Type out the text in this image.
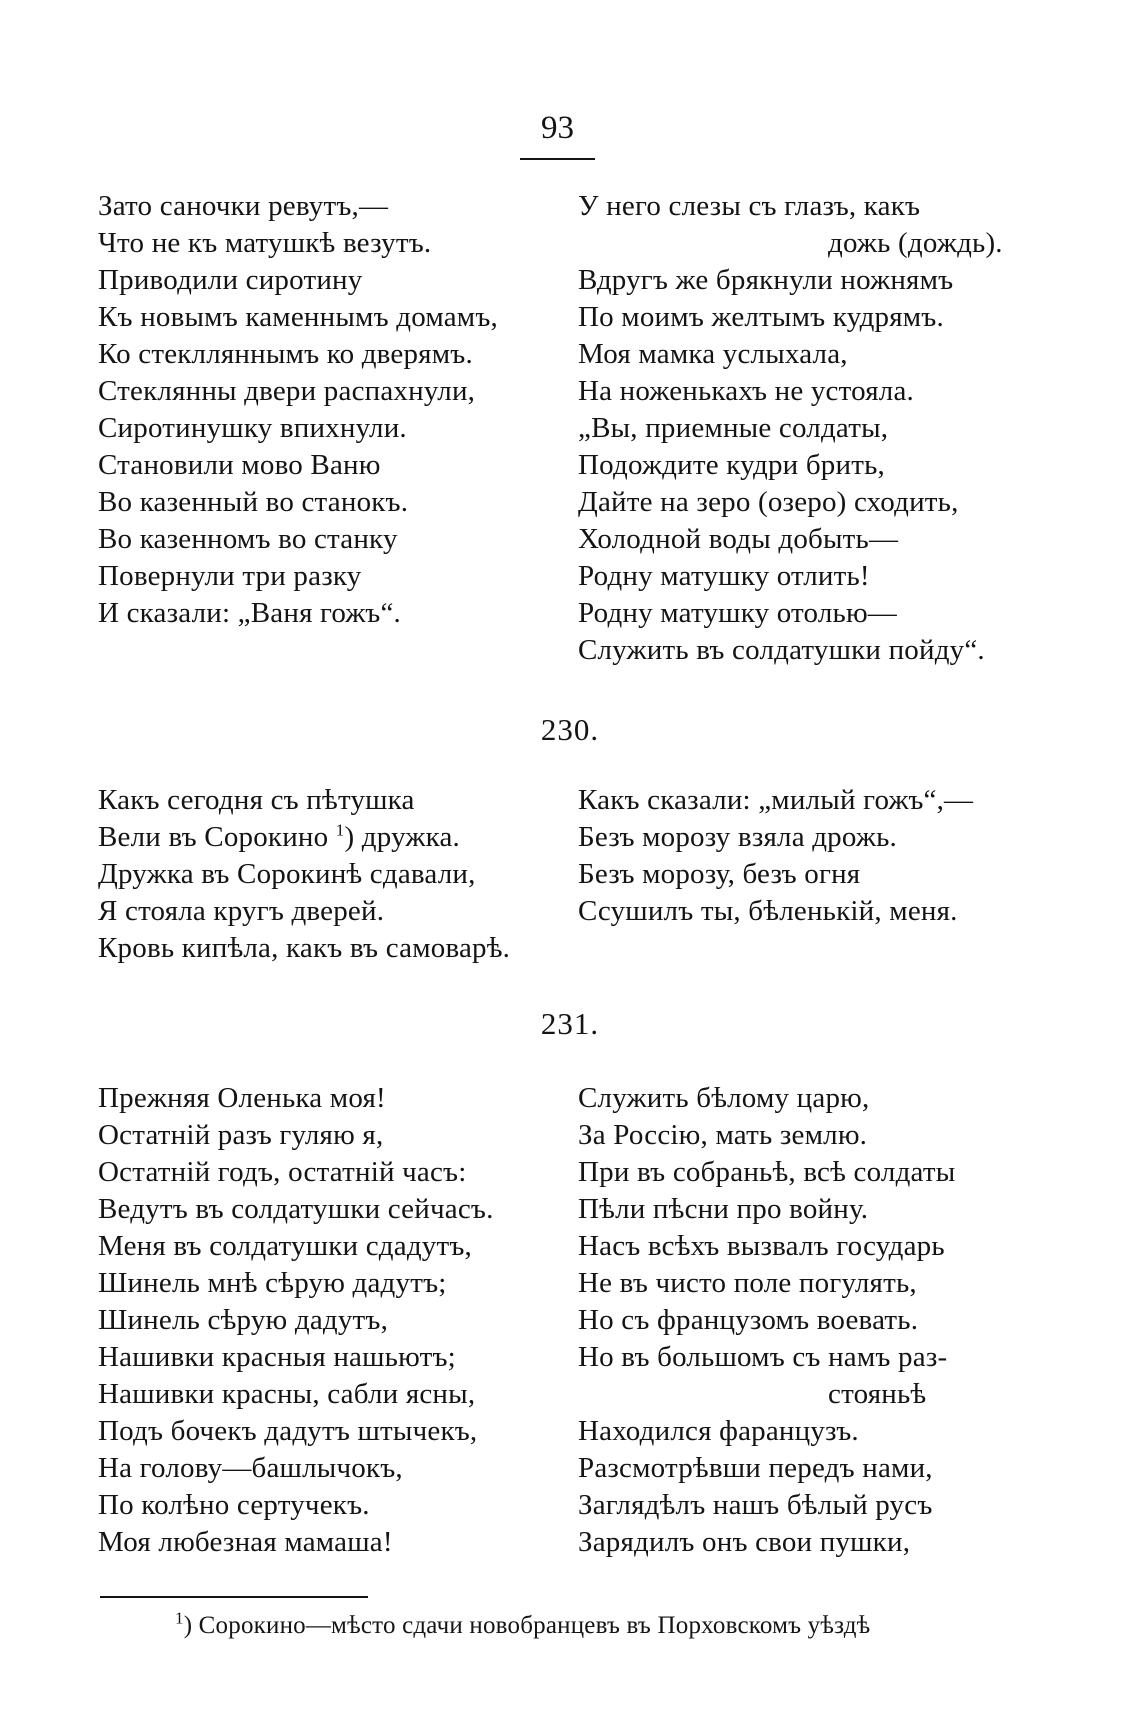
93
Зато саночки ревутъ,—
Что не къ матушкѣ везутъ.
Приводили сиротину
Къ новымъ каменнымъ домамъ,
Ко стеклляннымъ ко дверямъ.
Стеклянны двери распахнули,
Сиротинушку впихнули.
Становили мово Ваню
Во казенный во станокъ.
Во казенномъ во станку
Повернули три разку
И сказали: „Ваня гожъ“.
У него слезы съ глазъ, какъ
дожь (дождь).
Вдругъ же брякнули ножнямъ
По моимъ желтымъ кудрямъ.
Моя мамка услыхала,
На ноженькахъ не устояла.
„Вы, приемные солдаты,
Подождите кудри брить,
Дайте на зеро (озеро) сходить,
Холодной воды добыть—
Родну матушку отлить!
Родну матушку отолью—
Служить въ солдатушки пойду“.
230.
Какъ сегодня съ пѣтушка
Вели въ Сорокино $^1$) дружка.
Дружка въ Сорокинѣ сдавали,
Я стояла кругъ дверей.
Кровь кипѣла, какъ въ самоварѣ.
Какъ сказали: „милый гожъ“,—
Безъ морозу взяла дрожь.
Безъ морозу, безъ огня
Ссушилъ ты, бѣленькій, меня.
231.
Прежняя Оленька моя!
Остатній разъ гуляю я,
Остатній годъ, остатній часъ:
Ведутъ въ солдатушки сейчасъ.
Меня въ солдатушки сдадутъ,
Шинель мнѣ сѣрую дадутъ;
Шинель сѣрую дадутъ,
Нашивки красныя нашьютъ;
Нашивки красны, сабли ясны,
Подъ бочекъ дадутъ штычекъ,
На голову—башлычокъ,
По колѣно сертучекъ.
Моя любезная мамаша!
Служить бѣлому царю,
За Россію, мать землю.
При въ собраньѣ, всѣ солдаты
Пѣли пѣсни про войну.
Насъ всѣхъ вызвалъ государь
Не въ чисто поле погулять,
Но съ французомъ воевать.
Но въ большомъ съ намъ раз-
стояньѣ
Находился фаранцузъ.
Разсмотрѣвши передъ нами,
Заглядѣлъ нашъ бѣлый русъ
Зарядилъ онъ свои пушки,
$^1$) Сорокино—мѣсто сдачи новобранцевъ въ Порховскомъ уѣздѣ
